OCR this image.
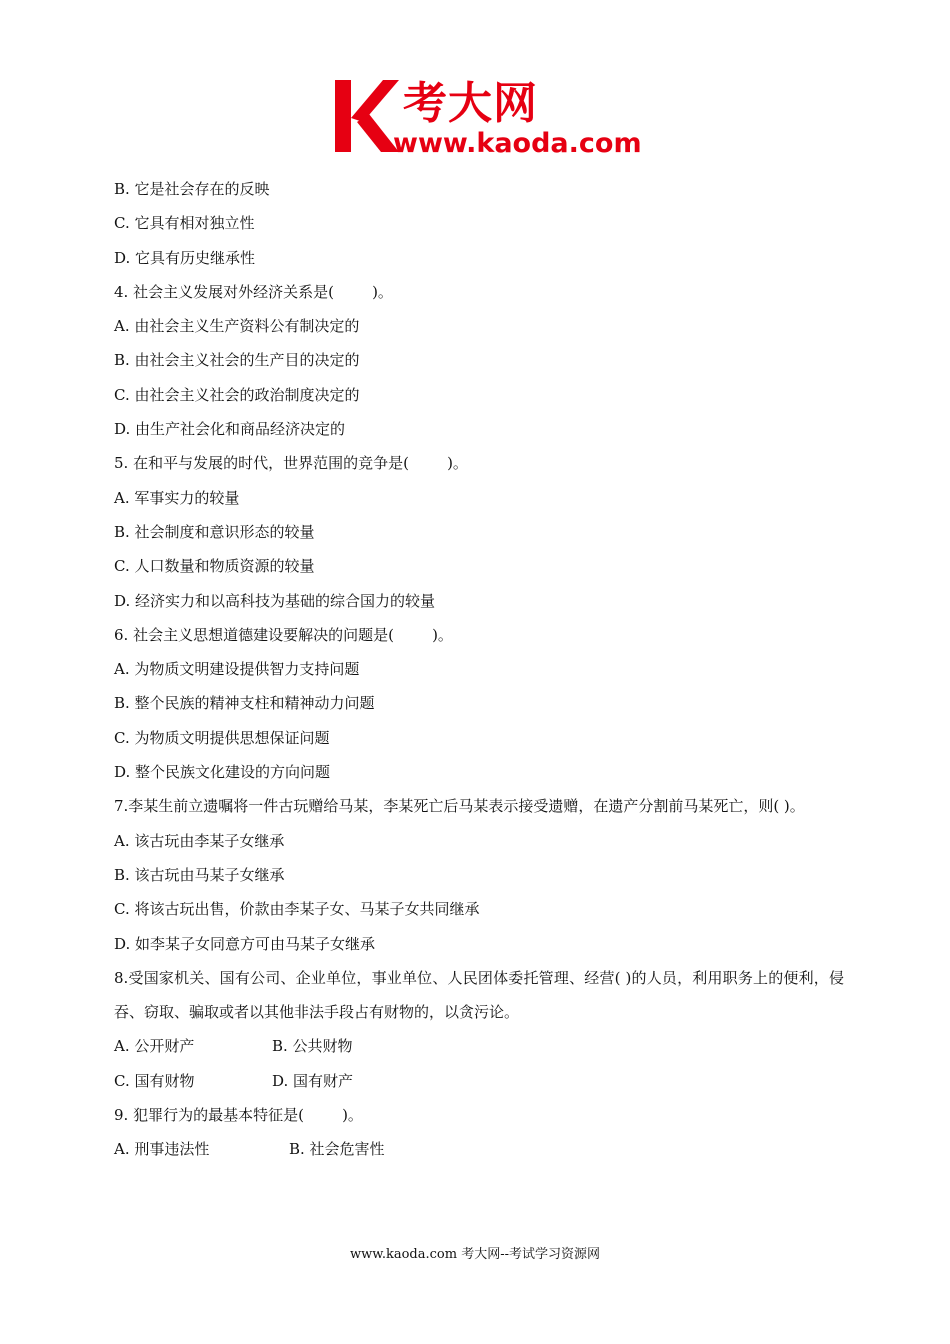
考大网
www.kaoda.com

B. 它是社会存在的反映

C. 它具有相对独立性

D. 它具有历史继承性

4. 社会主义发展对外经济关系是(        )。

A. 由社会主义生产资料公有制决定的

B. 由社会主义社会的生产目的决定的

C. 由社会主义社会的政治制度决定的

D. 由生产社会化和商品经济决定的

5. 在和平与发展的时代，世界范围的竞争是(        )。

A. 军事实力的较量

B. 社会制度和意识形态的较量

C. 人口数量和物质资源的较量

D. 经济实力和以高科技为基础的综合国力的较量

6. 社会主义思想道德建设要解决的问题是(        )。

A. 为物质文明建设提供智力支持问题

B. 整个民族的精神支柱和精神动力问题

C. 为物质文明提供思想保证问题

D. 整个民族文化建设的方向问题

7.李某生前立遗嘱将一件古玩赠给马某，李某死亡后马某表示接受遗赠，在遗产分割前马某死亡，则( )。

A. 该古玩由李某子女继承

B. 该古玩由马某子女继承

C. 将该古玩出售，价款由李某子女、马某子女共同继承

D. 如李某子女同意方可由马某子女继承

8.受国家机关、国有公司、企业单位，事业单位、人民团体委托管理、经营( )的人员，利用职务上的便利，侵吞、窃取、骗取或者以其他非法手段占有财物的，以贪污论。

A. 公开财产	B. 公共财物

C. 国有财物	D. 国有财产

9. 犯罪行为的最基本特征是(        )。

A. 刑事违法性	B. 社会危害性

www.kaoda.com 考大网--考试学习资源网
